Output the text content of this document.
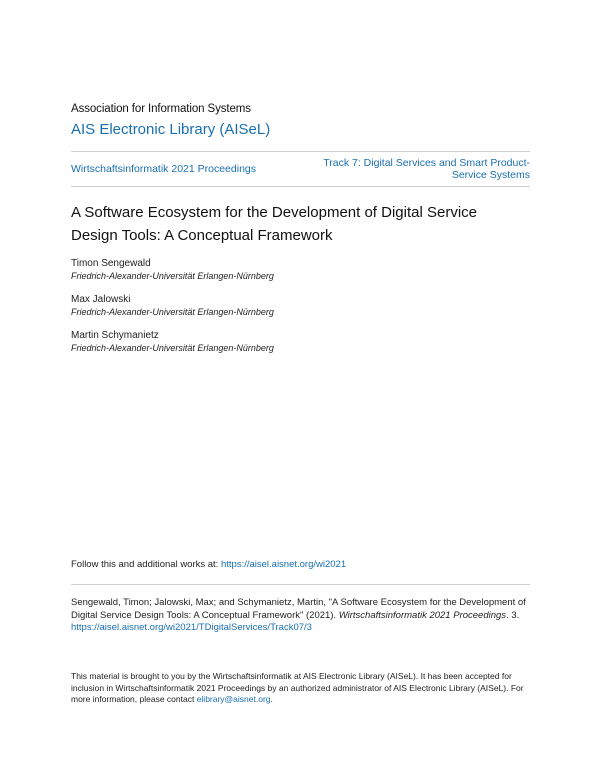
Association for Information Systems
AIS Electronic Library (AISeL)
Wirtschaftsinformatik 2021 Proceedings	Track 7: Digital Services and Smart Product-Service Systems
A Software Ecosystem for the Development of Digital Service Design Tools: A Conceptual Framework
Timon Sengewald
Friedrich-Alexander-Universität Erlangen-Nürnberg
Max Jalowski
Friedrich-Alexander-Universität Erlangen-Nürnberg
Martin Schymanietz
Friedrich-Alexander-Universität Erlangen-Nürnberg
Follow this and additional works at: https://aisel.aisnet.org/wi2021
Sengewald, Timon; Jalowski, Max; and Schymanietz, Martin, "A Software Ecosystem for the Development of Digital Service Design Tools: A Conceptual Framework" (2021). Wirtschaftsinformatik 2021 Proceedings. 3.
https://aisel.aisnet.org/wi2021/TDigitalServices/Track07/3
This material is brought to you by the Wirtschaftsinformatik at AIS Electronic Library (AISeL). It has been accepted for inclusion in Wirtschaftsinformatik 2021 Proceedings by an authorized administrator of AIS Electronic Library (AISeL). For more information, please contact elibrary@aisnet.org.
